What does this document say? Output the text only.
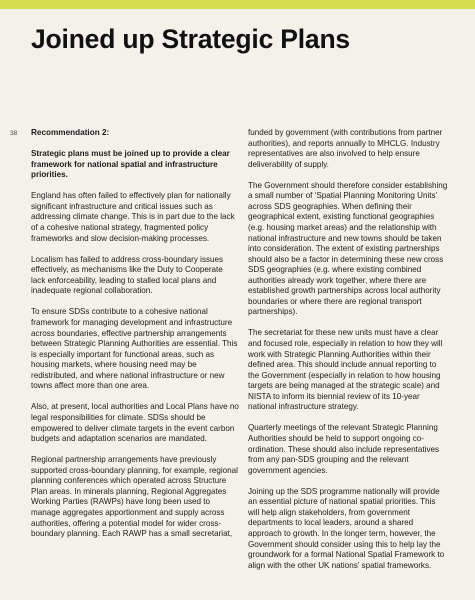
Joined up Strategic Plans
38 Recommendation 2:

Strategic plans must be joined up to provide a clear framework for national spatial and infrastructure priorities.

England has often failed to effectively plan for nationally significant infrastructure and critical issues such as addressing climate change. This is in part due to the lack of a cohesive national strategy, fragmented policy frameworks and slow decision-making processes.

Localism has failed to address cross-boundary issues effectively, as mechanisms like the Duty to Cooperate lack enforceability, leading to stalled local plans and inadequate regional collaboration.

To ensure SDSs contribute to a cohesive national framework for managing development and infrastructure across boundaries, effective partnership arrangements between Strategic Planning Authorities are essential. This is especially important for functional areas, such as housing markets, where housing need may be redistributed, and where national infrastructure or new towns affect more than one area.

Also, at present, local authorities and Local Plans have no legal responsibilities for climate. SDSs should be empowered to deliver climate targets in the event carbon budgets and adaptation scenarios are mandated.

Regional partnership arrangements have previously supported cross-boundary planning, for example, regional planning conferences which operated across Structure Plan areas. In minerals planning, Regional Aggregates Working Parties (RAWPs) have long been used to manage aggregates apportionment and supply across authorities, offering a potential model for wider cross-boundary planning. Each RAWP has a small secretariat,

funded by government (with contributions from partner authorities), and reports annually to MHCLG. Industry representatives are also involved to help ensure deliverability of supply.

The Government should therefore consider establishing a small number of ‘Spatial Planning Monitoring Units’ across SDS geographies. When defining their geographical extent, existing functional geographies (e.g. housing market areas) and the relationship with national infrastructure and new towns should be taken into consideration. The extent of existing partnerships should also be a factor in determining these new cross SDS geographies (e.g. where existing combined authorities already work together, where there are established growth partnerships across local authority boundaries or where there are regional transport partnerships).

The secretariat for these new units must have a clear and focused role, especially in relation to how they will work with Strategic Planning Authorities within their defined area. This should include annual reporting to the Government (especially in relation to how housing targets are being managed at the strategic scale) and NISTA to inform its biennial review of its 10-year national infrastructure strategy.

Quarterly meetings of the relevant Strategic Planning Authorities should be held to support ongoing co-ordination. These should also include representatives from any pan-SDS grouping and the relevant government agencies.

Joining up the SDS programme nationally will provide an essential picture of national spatial priorities. This will help align stakeholders, from government departments to local leaders, around a shared approach to growth. In the longer term, however, the Government should consider using this to help lay the groundwork for a formal National Spatial Framework to align with the other UK nations’ spatial frameworks.
